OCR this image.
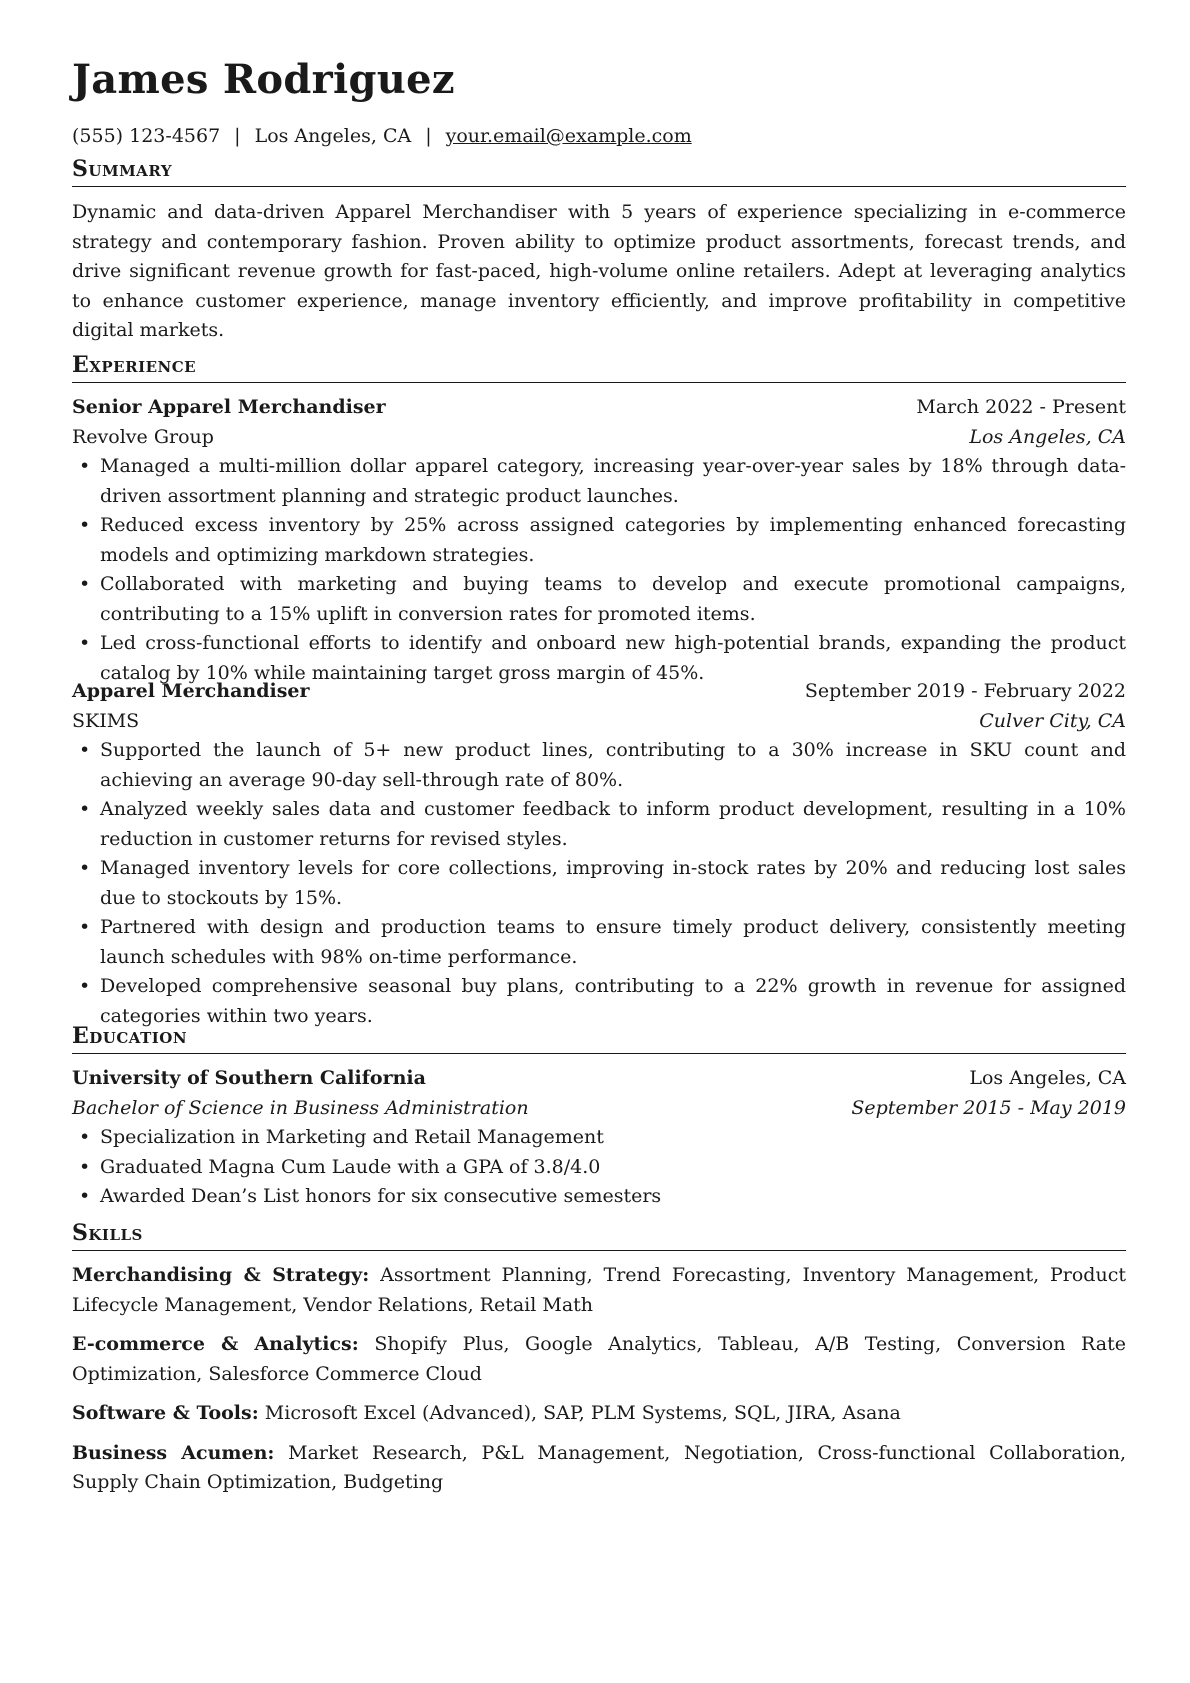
James Rodriguez
(555) 123-4567 | Los Angeles, CA | your.email@example.com
Summary

Dynamic and data-driven Apparel Merchandiser with 5 years of experience specializing in e-commerce strategy and contemporary fashion. Proven ability to optimize product assortments, forecast trends, and drive significant revenue growth for fast-paced, high-volume online retailers. Adept at leveraging analytics to enhance customer experience, manage inventory efficiently, and improve profitability in competitive digital markets.

Experience
Senior Apparel Merchandiser	March 2022 - Present
Revolve Group	Los Angeles, CA
• Managed a multi-million dollar apparel category, increasing year-over-year sales by 18% through data-driven assortment planning and strategic product launches.
• Reduced excess inventory by 25% across assigned categories by implementing enhanced forecasting models and optimizing markdown strategies.
• Collaborated with marketing and buying teams to develop and execute promotional campaigns, contributing to a 15% uplift in conversion rates for promoted items.
• Led cross-functional efforts to identify and onboard new high-potential brands, expanding the product catalog by 10% while maintaining target gross margin of 45%.
Apparel Merchandiser	September 2019 - February 2022
SKIMS	Culver City, CA
• Supported the launch of 5+ new product lines, contributing to a 30% increase in SKU count and achieving an average 90-day sell-through rate of 80%.
• Analyzed weekly sales data and customer feedback to inform product development, resulting in a 10% reduction in customer returns for revised styles.
• Managed inventory levels for core collections, improving in-stock rates by 20% and reducing lost sales due to stockouts by 15%.
• Partnered with design and production teams to ensure timely product delivery, consistently meeting launch schedules with 98% on-time performance.
• Developed comprehensive seasonal buy plans, contributing to a 22% growth in revenue for assigned categories within two years.
Education
University of Southern California	Los Angeles, CA
Bachelor of Science in Business Administration	September 2015 - May 2019
• Specialization in Marketing and Retail Management
• Graduated Magna Cum Laude with a GPA of 3.8/4.0
• Awarded Dean’s List honors for six consecutive semesters
Skills

Merchandising & Strategy: Assortment Planning, Trend Forecasting, Inventory Management, Product Lifecycle Management, Vendor Relations, Retail Math

E-commerce & Analytics: Shopify Plus, Google Analytics, Tableau, A/B Testing, Conversion Rate Optimization, Salesforce Commerce Cloud

Software & Tools: Microsoft Excel (Advanced), SAP, PLM Systems, SQL, JIRA, Asana

Business Acumen: Market Research, P&L Management, Negotiation, Cross-functional Collaboration, Supply Chain Optimization, Budgeting
